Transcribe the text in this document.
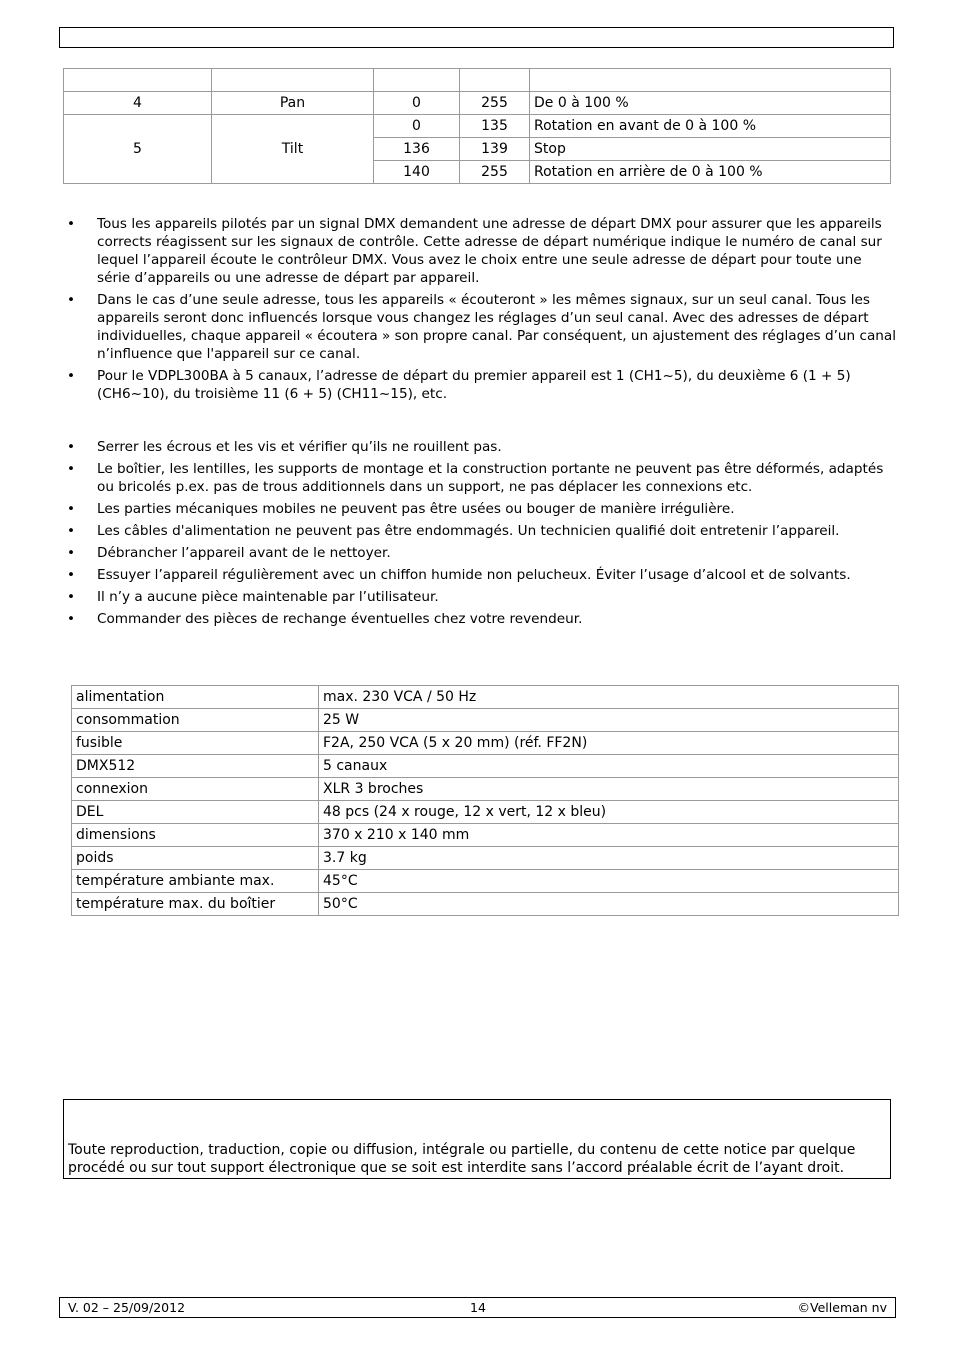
4	Pan	0	255	De 0 à 100 %
5	Tilt	0	135	Rotation en avant de 0 à 100 %
		136	139	Stop
		140	255	Rotation en arrière de 0 à 100 %
• Tous les appareils pilotés par un signal DMX demandent une adresse de départ DMX pour assurer que les appareils corrects réagissent sur les signaux de contrôle. Cette adresse de départ numérique indique le numéro de canal sur lequel l’appareil écoute le contrôleur DMX. Vous avez le choix entre une seule adresse de départ pour toute une série d’appareils ou une adresse de départ par appareil.
• Dans le cas d’une seule adresse, tous les appareils « écouteront » les mêmes signaux, sur un seul canal. Tous les appareils seront donc influencés lorsque vous changez les réglages d’un seul canal. Avec des adresses de départ individuelles, chaque appareil « écoutera » son propre canal. Par conséquent, un ajustement des réglages d’un canal n’influence que l'appareil sur ce canal.
• Pour le VDPL300BA à 5 canaux, l’adresse de départ du premier appareil est 1 (CH1~5), du deuxième 6 (1 + 5) (CH6~10), du troisième 11 (6 + 5) (CH11~15), etc.
• Serrer les écrous et les vis et vérifier qu’ils ne rouillent pas.
• Le boîtier, les lentilles, les supports de montage et la construction portante ne peuvent pas être déformés, adaptés ou bricolés p.ex. pas de trous additionnels dans un support, ne pas déplacer les connexions etc.
• Les parties mécaniques mobiles ne peuvent pas être usées ou bouger de manière irrégulière.
• Les câbles d'alimentation ne peuvent pas être endommagés. Un technicien qualifié doit entretenir l’appareil.
• Débrancher l’appareil avant de le nettoyer.
• Essuyer l’appareil régulièrement avec un chiffon humide non pelucheux. Éviter l’usage d’alcool et de solvants.
• Il n’y a aucune pièce maintenable par l’utilisateur.
• Commander des pièces de rechange éventuelles chez votre revendeur.
alimentation	max. 230 VCA / 50 Hz
consommation	25 W
fusible	F2A, 250 VCA (5 x 20 mm) (réf. FF2N)
DMX512	5 canaux
connexion	XLR 3 broches
DEL	48 pcs (24 x rouge, 12 x vert, 12 x bleu)
dimensions	370 x 210 x 140 mm
poids	3.7 kg
température ambiante max.	45°C
température max. du boîtier	50°C
Toute reproduction, traduction, copie ou diffusion, intégrale ou partielle, du contenu de cette notice par quelque procédé ou sur tout support électronique que se soit est interdite sans l’accord préalable écrit de l’ayant droit.
V. 02 – 25/09/2012	14	©Velleman nv
